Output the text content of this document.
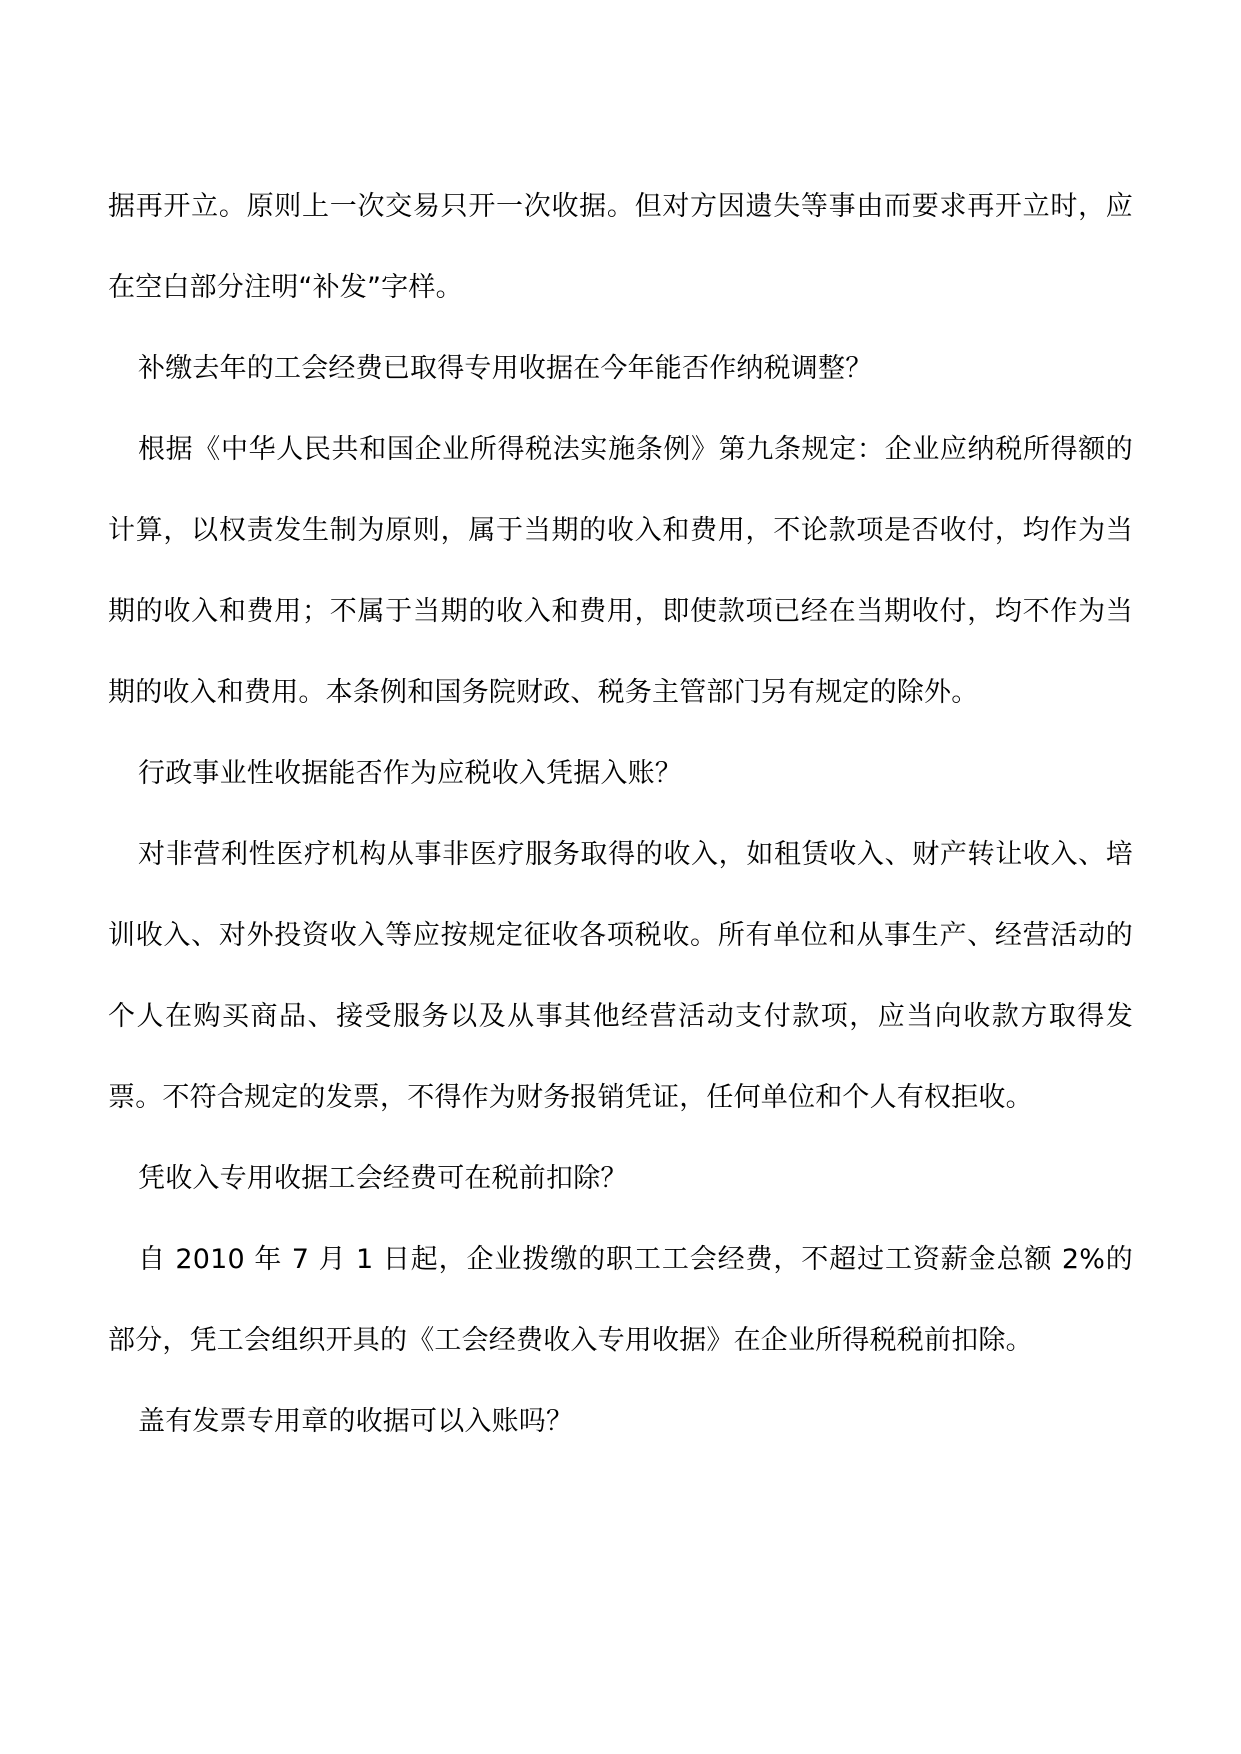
据再开立。原则上一次交易只开一次收据。但对方因遗失等事由而要求再开立时，应在空白部分注明“补发”字样。

补缴去年的工会经费已取得专用收据在今年能否作纳税调整？

根据《中华人民共和国企业所得税法实施条例》第九条规定：企业应纳税所得额的计算，以权责发生制为原则，属于当期的收入和费用，不论款项是否收付，均作为当期的收入和费用；不属于当期的收入和费用，即使款项已经在当期收付，均不作为当期的收入和费用。本条例和国务院财政、税务主管部门另有规定的除外。

行政事业性收据能否作为应税收入凭据入账？

对非营利性医疗机构从事非医疗服务取得的收入，如租赁收入、财产转让收入、培训收入、对外投资收入等应按规定征收各项税收。所有单位和从事生产、经营活动的个人在购买商品、接受服务以及从事其他经营活动支付款项，应当向收款方取得发票。不符合规定的发票，不得作为财务报销凭证，任何单位和个人有权拒收。

凭收入专用收据工会经费可在税前扣除？

自 2010 年 7 月 1 日起，企业拨缴的职工工会经费，不超过工资薪金总额 2%的部分，凭工会组织开具的《工会经费收入专用收据》在企业所得税税前扣除。

盖有发票专用章的收据可以入账吗？
